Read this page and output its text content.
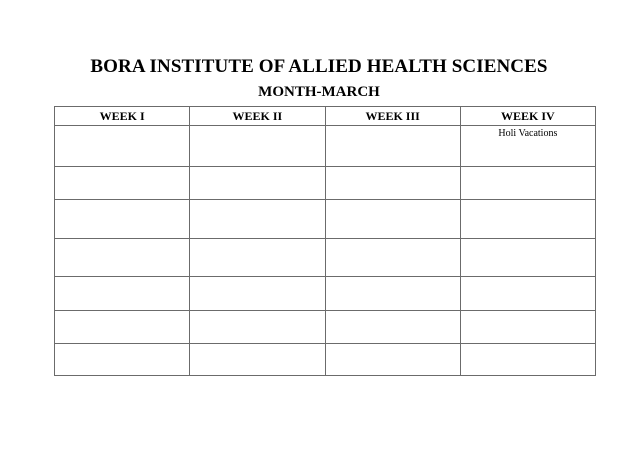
BORA INSTITUTE OF ALLIED HEALTH SCIENCES
MONTH-MARCH
WEEK I	WEEK II	WEEK III	WEEK IV

			Holi Vacations
